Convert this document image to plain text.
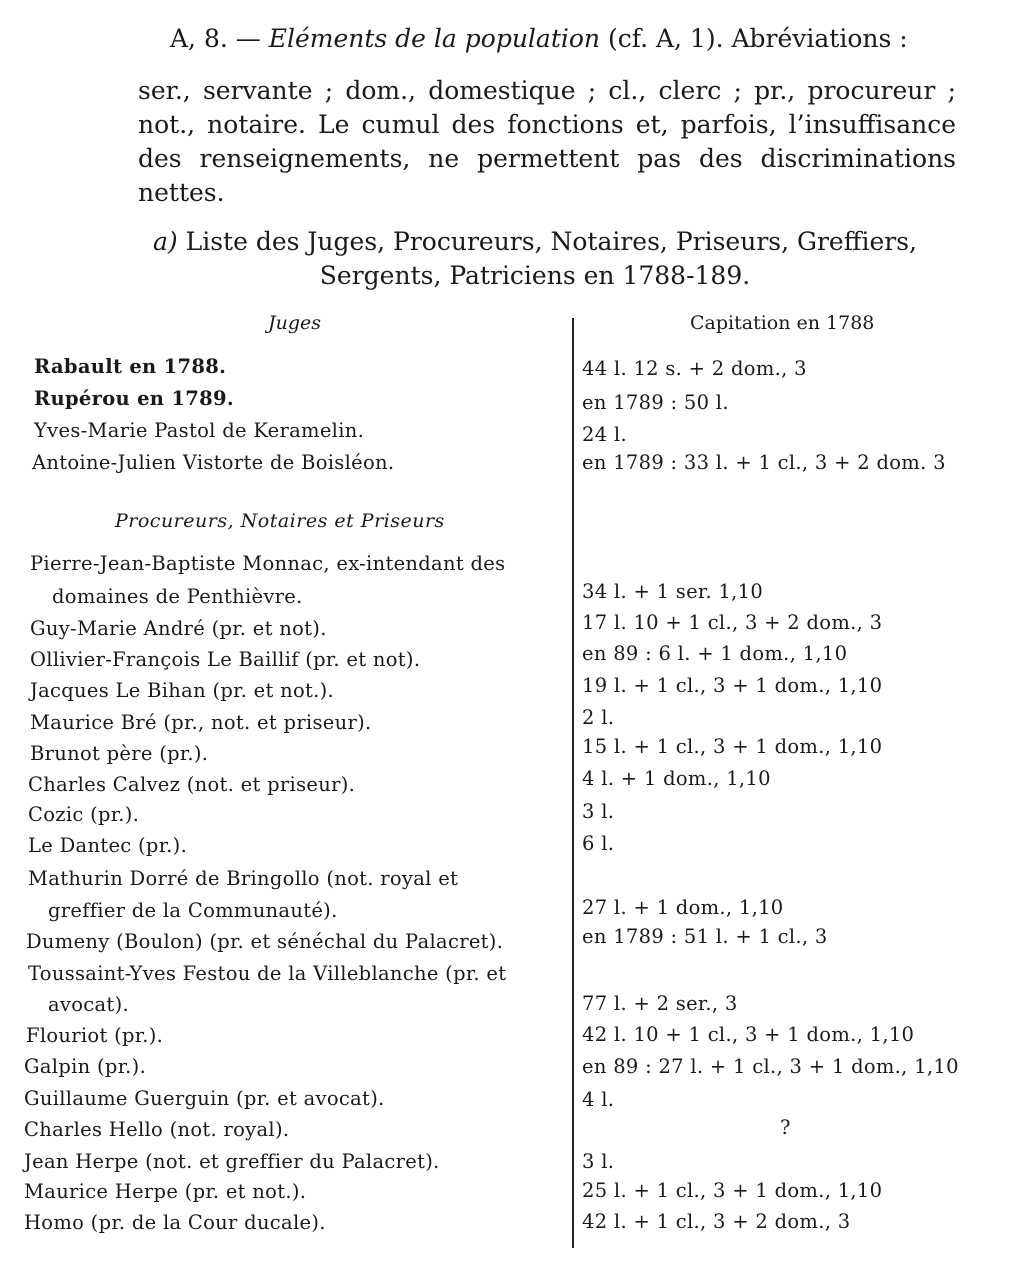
A, 8. — Eléments de la population (cf. A, 1). Abréviations :
ser., servante ; dom., domestique ; cl., clerc ; pr., procureur ; not., notaire. Le cumul des fonctions et, parfois, l’insuffisance des renseignements, ne permettent pas des discriminations nettes.
a) Liste des Juges, Procureurs, Notaires, Priseurs, Greffiers,
Sergents, Patriciens en 1788-189.
Juges	Capitation en 1788
Rabault en 1788.	44 l. 12 s. + 2 dom., 3
Rupérou en 1789.	en 1789 : 50 l.
Yves-Marie Pastol de Keramelin.	24 l.
Antoine-Julien Vistorte de Boisléon.	en 1789 : 33 l. + 1 cl., 3 + 2 dom. 3
Procureurs, Notaires et Priseurs
Pierre-Jean-Baptiste Monnac, ex-intendant des
domaines de Penthièvre.	34 l. + 1 ser. 1,10
Guy-Marie André (pr. et not).	17 l. 10 + 1 cl., 3 + 2 dom., 3
Ollivier-François Le Baillif (pr. et not).	en 89 : 6 l. + 1 dom., 1,10
Jacques Le Bihan (pr. et not.).	19 l. + 1 cl., 3 + 1 dom., 1,10
Maurice Bré (pr., not. et priseur).	2 l.
Brunot père (pr.).	15 l. + 1 cl., 3 + 1 dom., 1,10
Charles Calvez (not. et priseur).	4 l. + 1 dom., 1,10
Cozic (pr.).	3 l.
Le Dantec (pr.).	6 l.
Mathurin Dorré de Bringollo (not. royal et
greffier de la Communauté).	27 l. + 1 dom., 1,10
Dumeny (Boulon) (pr. et sénéchal du Palacret).	en 1789 : 51 l. + 1 cl., 3
Toussaint-Yves Festou de la Villeblanche (pr. et
avocat).	77 l. + 2 ser., 3
Flouriot (pr.).	42 l. 10 + 1 cl., 3 + 1 dom., 1,10
Galpin (pr.).	en 89 : 27 l. + 1 cl., 3 + 1 dom., 1,10
Guillaume Guerguin (pr. et avocat).	4 l.
Charles Hello (not. royal).	?
Jean Herpe (not. et greffier du Palacret).	3 l.
Maurice Herpe (pr. et not.).	25 l. + 1 cl., 3 + 1 dom., 1,10
Homo (pr. de la Cour ducale).	42 l. + 1 cl., 3 + 2 dom., 3
